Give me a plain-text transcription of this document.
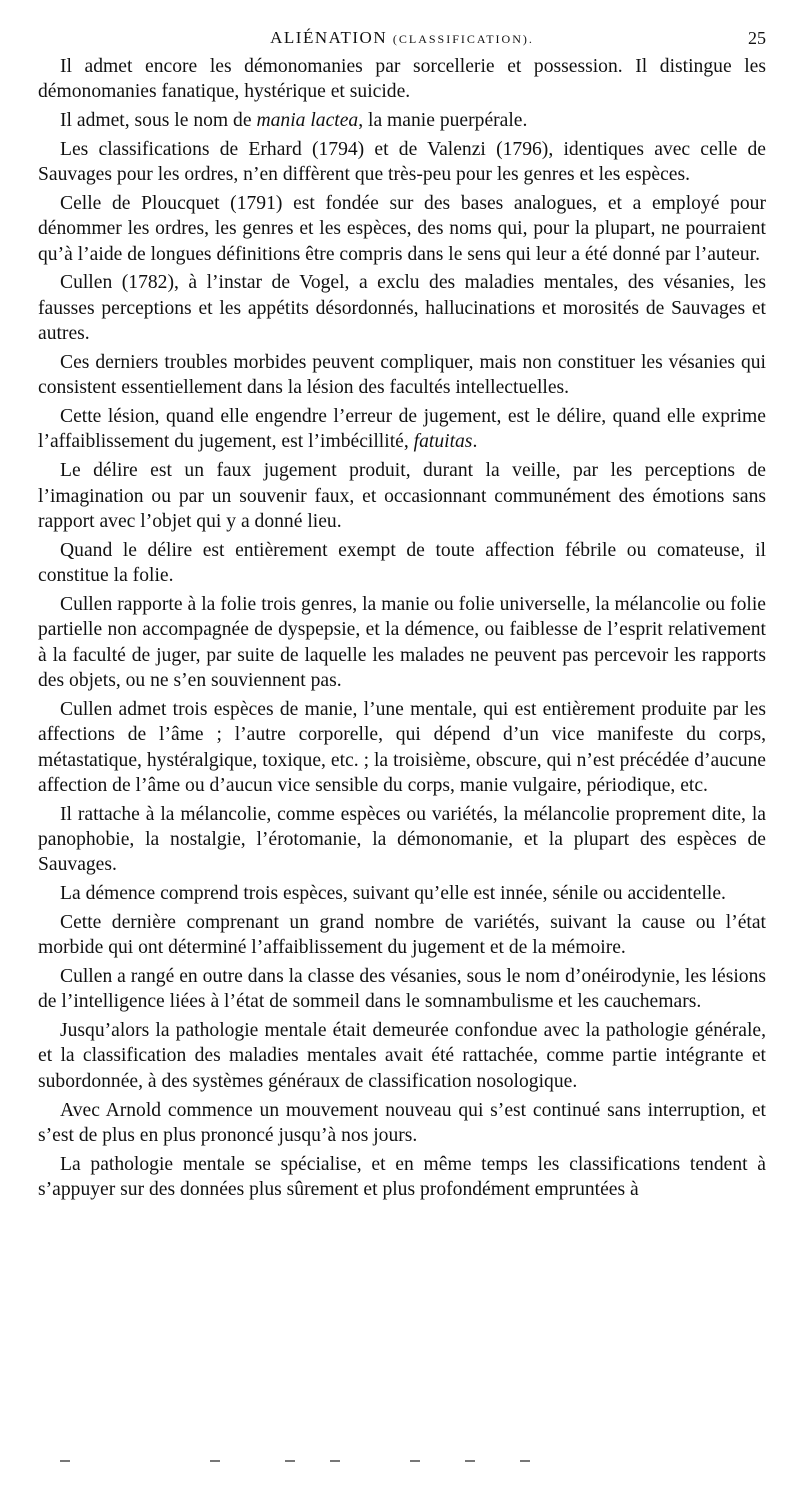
ALIÉNATION (CLASSIFICATION).	25

Il admet encore les démonomanies par sorcellerie et possession. Il distingue les démonomanies fanatique, hystérique et suicide.

Il admet, sous le nom de mania lactea, la manie puerpérale.

Les classifications de Erhard (1794) et de Valenzi (1796), identiques avec celle de Sauvages pour les ordres, n’en diffèrent que très-peu pour les genres et les espèces.

Celle de Ploucquet (1791) est fondée sur des bases analogues, et a employé pour dénommer les ordres, les genres et les espèces, des noms qui, pour la plupart, ne pourraient qu’à l’aide de longues définitions être compris dans le sens qui leur a été donné par l’auteur.

Cullen (1782), à l’instar de Vogel, a exclu des maladies mentales, des vésanies, les fausses perceptions et les appétits désordonnés, hallucinations et morosités de Sauvages et autres.

Ces derniers troubles morbides peuvent compliquer, mais non constituer les vésanies qui consistent essentiellement dans la lésion des facultés intellectuelles.

Cette lésion, quand elle engendre l’erreur de jugement, est le délire, quand elle exprime l’affaiblissement du jugement, est l’imbécillité, fatuitas.

Le délire est un faux jugement produit, durant la veille, par les perceptions de l’imagination ou par un souvenir faux, et occasionnant communément des émotions sans rapport avec l’objet qui y a donné lieu.

Quand le délire est entièrement exempt de toute affection fébrile ou comateuse, il constitue la folie.

Cullen rapporte à la folie trois genres, la manie ou folie universelle, la mélancolie ou folie partielle non accompagnée de dyspepsie, et la démence, ou faiblesse de l’esprit relativement à la faculté de juger, par suite de laquelle les malades ne peuvent pas percevoir les rapports des objets, ou ne s’en souviennent pas.

Cullen admet trois espèces de manie, l’une mentale, qui est entièrement produite par les affections de l’âme ; l’autre corporelle, qui dépend d’un vice manifeste du corps, métastatique, hystéralgique, toxique, etc. ; la troisième, obscure, qui n’est précédée d’aucune affection de l’âme ou d’aucun vice sensible du corps, manie vulgaire, périodique, etc.

Il rattache à la mélancolie, comme espèces ou variétés, la mélancolie proprement dite, la panophobie, la nostalgie, l’érotomanie, la démonomanie, et la plupart des espèces de Sauvages.

La démence comprend trois espèces, suivant qu’elle est innée, sénile ou accidentelle.

Cette dernière comprenant un grand nombre de variétés, suivant la cause ou l’état morbide qui ont déterminé l’affaiblissement du jugement et de la mémoire.

Cullen a rangé en outre dans la classe des vésanies, sous le nom d’onéirodynie, les lésions de l’intelligence liées à l’état de sommeil dans le somnambulisme et les cauchemars.

Jusqu’alors la pathologie mentale était demeurée confondue avec la pathologie générale, et la classification des maladies mentales avait été rattachée, comme partie intégrante et subordonnée, à des systèmes généraux de classification nosologique.

Avec Arnold commence un mouvement nouveau qui s’est continué sans interruption, et s’est de plus en plus prononcé jusqu’à nos jours.

La pathologie mentale se spécialise, et en même temps les classifications tendent à s’appuyer sur des données plus sûrement et plus profondément empruntées à
